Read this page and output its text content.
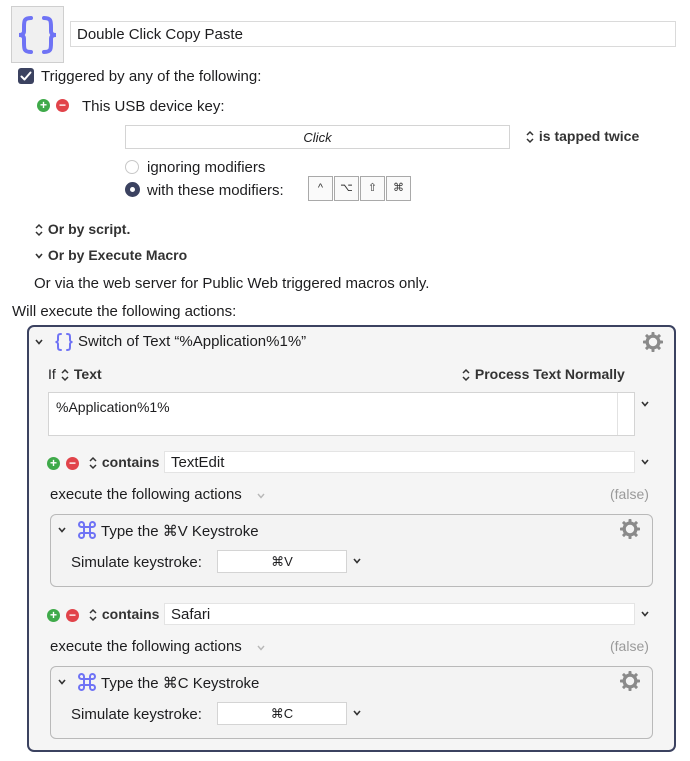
Double Click Copy Paste
Triggered by any of the following:
+ − This USB device key:
Click	is tapped twice
ignoring modifiers
with these modifiers:	^	⌥	⇧	⌘
Or by script.
Or by Execute Macro
Or via the web server for Public Web triggered macros only.
Will execute the following actions:
Switch of Text “%Application%1%”
If	Text	Process Text Normally
%Application%1%
+ −	contains TextEdit
execute the following actions	(false)
Type the ⌘V Keystroke
Simulate keystroke:	⌘V
+ −	contains Safari
execute the following actions	(false)
Type the ⌘C Keystroke
Simulate keystroke:	⌘C
